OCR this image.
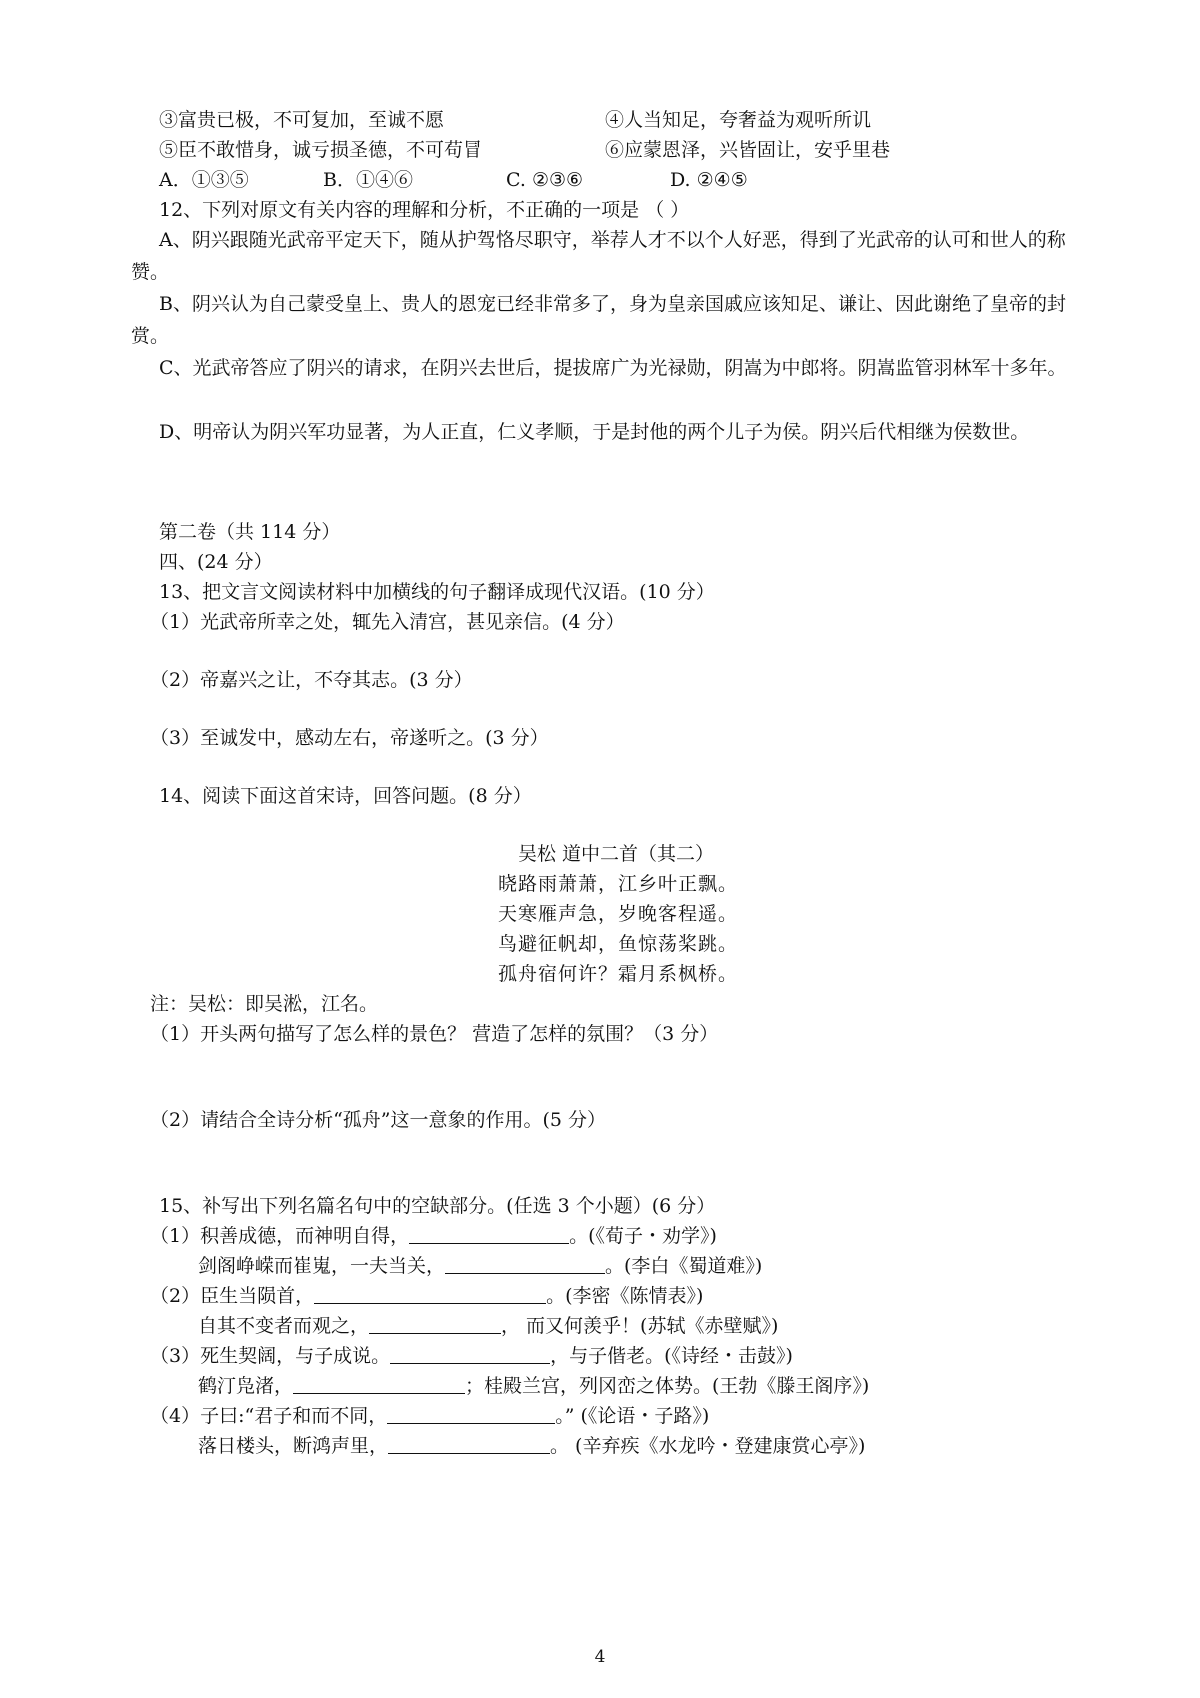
③富贵已极，不可复加，至诚不愿	④人当知足，夸奢益为观听所讥
⑤臣不敢惜身，诚亏损圣德，不可苟冒	⑥应蒙恩泽，兴皆固让，安乎里巷
A．①③⑤	B．①④⑥	C. ②③⑥	D. ②④⑤
12、下列对原文有关内容的理解和分析，不正确的一项是 （ ）
A、阴兴跟随光武帝平定天下，随从护驾恪尽职守，举荐人才不以个人好恶，得到了光武帝的认可和世人的称赞。
B、阴兴认为自己蒙受皇上、贵人的恩宠已经非常多了，身为皇亲国戚应该知足、谦让、因此谢绝了皇帝的封赏。
C、光武帝答应了阴兴的请求，在阴兴去世后，提拔席广为光禄勋，阴嵩为中郎将。阴嵩监管羽林军十多年。
D、明帝认为阴兴军功显著，为人正直，仁义孝顺，于是封他的两个儿子为侯。阴兴后代相继为侯数世。
第二卷（共 114 分）
四、(24 分）
13、把文言文阅读材料中加横线的句子翻译成现代汉语。(10 分）
（1）光武帝所幸之处，辄先入清宫，甚见亲信。(4 分）
（2）帝嘉兴之让，不夺其志。(3 分）
（3）至诚发中，感动左右，帝遂听之。(3 分）
14、阅读下面这首宋诗，回答问题。(8 分）
吴松 道中二首（其二）
晓路雨萧萧，江乡叶正飘。
天寒雁声急，岁晚客程遥。
鸟避征帆却，鱼惊荡桨跳。
孤舟宿何许？霜月系枫桥。
注：吴松：即吴淞，江名。
（1）开头两句描写了怎么样的景色？ 营造了怎样的氛围？（3 分）
（2）请结合全诗分析“孤舟”这一意象的作用。(5 分）
15、补写出下列名篇名句中的空缺部分。(任选 3 个小题）(6 分）
（1）积善成德，而神明自得，	。(《荀子・劝学》)
剑阁峥嵘而崔嵬，一夫当关，	。(李白《蜀道难》)
（2）臣生当陨首，	。(李密《陈情表》)
自其不变者而观之，	， 而又何羡乎！(苏轼《赤壁赋》)
（3）死生契阔，与子成说。	，与子偕老。(《诗经・击鼓》)
鹤汀凫渚，	；桂殿兰宫，列冈峦之体势。(王勃《滕王阁序》)
（4）子曰:“君子和而不同，	。” (《论语・子路》)
落日楼头，断鸿声里，	。 (辛弃疾《水龙吟・登建康赏心亭》)
4
